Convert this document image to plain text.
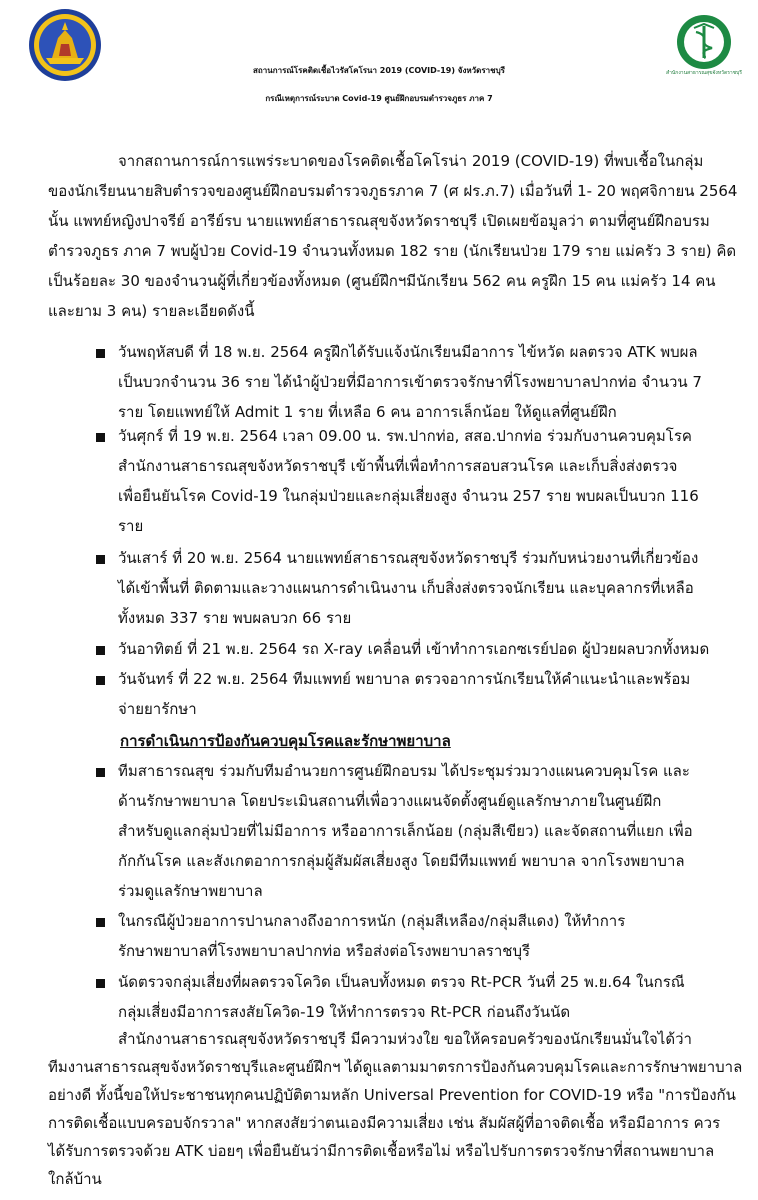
สำนักงานสาธารณสุขจังหวัดราชบุรี
สถานการณ์โรคติดเชื้อไวรัสโคโรนา 2019 (COVID-19) จังหวัดราชบุรี
กรณีเหตุการณ์ระบาด Covid-19 ศูนย์ฝึกอบรมตำรวจภูธร ภาค 7
จากสถานการณ์การแพร่ระบาดของโรคติดเชื้อโคโรน่า 2019 (COVID-19) ที่พบเชื้อในกลุ่ม
ของนักเรียนนายสิบตำรวจของศูนย์ฝึกอบรมตำรวจภูธรภาค 7 (ศ ฝร.ภ.7) เมื่อวันที่ 1- 20 พฤศจิกายน 2564
นั้น แพทย์หญิงปาจรีย์ อารีย์รบ นายแพทย์สาธารณสุขจังหวัดราชบุรี เปิดเผยข้อมูลว่า ตามที่ศูนย์ฝึกอบรม
ตำรวจภูธร ภาค 7 พบผู้ป่วย Covid-19 จำนวนทั้งหมด 182 ราย (นักเรียนป่วย 179 ราย แม่ครัว 3 ราย) คิด
เป็นร้อยละ 30 ของจำนวนผู้ที่เกี่ยวข้องทั้งหมด (ศูนย์ฝึกฯมีนักเรียน 562 คน ครูฝึก 15 คน แม่ครัว 14 คน
และยาม 3 คน) รายละเอียดดังนี้
วันพฤหัสบดี ที่ 18 พ.ย. 2564 ครูฝึกได้รับแจ้งนักเรียนมีอาการ ไข้หวัด ผลตรวจ ATK พบผล
เป็นบวกจำนวน 36 ราย ได้นำผู้ป่วยที่มีอาการเข้าตรวจรักษาที่โรงพยาบาลปากท่อ จำนวน 7
ราย โดยแพทย์ให้ Admit 1 ราย ที่เหลือ 6 คน อาการเล็กน้อย ให้ดูแลที่ศูนย์ฝึก
วันศุกร์ ที่ 19 พ.ย. 2564 เวลา 09.00 น. รพ.ปากท่อ, สสอ.ปากท่อ ร่วมกับงานควบคุมโรค
สำนักงานสาธารณสุขจังหวัดราชบุรี เข้าพื้นที่เพื่อทำการสอบสวนโรค และเก็บสิ่งส่งตรวจ
เพื่อยืนยันโรค Covid-19 ในกลุ่มป่วยและกลุ่มเสี่ยงสูง จำนวน 257 ราย พบผลเป็นบวก 116
ราย
วันเสาร์ ที่ 20 พ.ย. 2564 นายแพทย์สาธารณสุขจังหวัดราชบุรี ร่วมกับหน่วยงานที่เกี่ยวข้อง
ได้เข้าพื้นที่ ติดตามและวางแผนการดำเนินงาน เก็บสิ่งส่งตรวจนักเรียน และบุคลากรที่เหลือ
ทั้งหมด 337 ราย พบผลบวก 66 ราย
วันอาทิตย์ ที่ 21 พ.ย. 2564 รถ X-ray เคลื่อนที่ เข้าทำการเอกซเรย์ปอด ผู้ป่วยผลบวกทั้งหมด
วันจันทร์ ที่ 22 พ.ย. 2564 ทีมแพทย์ พยาบาล ตรวจอาการนักเรียนให้คำแนะนำและพร้อม
จ่ายยารักษา
การดำเนินการป้องกันควบคุมโรคและรักษาพยาบาล
ทีมสาธารณสุข ร่วมกับทีมอำนวยการศูนย์ฝึกอบรม ได้ประชุมร่วมวางแผนควบคุมโรค และ
ด้านรักษาพยาบาล โดยประเมินสถานที่เพื่อวางแผนจัดตั้งศูนย์ดูแลรักษาภายในศูนย์ฝึก
สำหรับดูแลกลุ่มป่วยที่ไม่มีอาการ หรืออาการเล็กน้อย (กลุ่มสีเขียว) และจัดสถานที่แยก เพื่อ
กักกันโรค และสังเกตอาการกลุ่มผู้สัมผัสเสี่ยงสูง โดยมีทีมแพทย์ พยาบาล จากโรงพยาบาล
ร่วมดูแลรักษาพยาบาล
ในกรณีผู้ป่วยอาการปานกลางถึงอาการหนัก (กลุ่มสีเหลือง/กลุ่มสีแดง) ให้ทำการ
รักษาพยาบาลที่โรงพยาบาลปากท่อ หรือส่งต่อโรงพยาบาลราชบุรี
นัดตรวจกลุ่มเสี่ยงที่ผลตรวจโควิด เป็นลบทั้งหมด ตรวจ Rt-PCR วันที่ 25 พ.ย.64 ในกรณี
กลุ่มเสี่ยงมีอาการสงสัยโควิด-19 ให้ทำการตรวจ Rt-PCR ก่อนถึงวันนัด
สำนักงานสาธารณสุขจังหวัดราชบุรี มีความห่วงใย ขอให้ครอบครัวของนักเรียนมั่นใจได้ว่า
ทีมงานสาธารณสุขจังหวัดราชบุรีและศูนย์ฝึกฯ ได้ดูแลตามมาตรการป้องกันควบคุมโรคและการรักษาพยาบาล
อย่างดี ทั้งนี้ขอให้ประชาชนทุกคนปฏิบัติตามหลัก Universal Prevention for COVID-19 หรือ "การป้องกัน
การติดเชื้อแบบครอบจักรวาล" หากสงสัยว่าตนเองมีความเสี่ยง เช่น สัมผัสผู้ที่อาจติดเชื้อ หรือมีอาการ ควร
ได้รับการตรวจด้วย ATK บ่อยๆ เพื่อยืนยันว่ามีการติดเชื้อหรือไม่ หรือไปรับการตรวจรักษาที่สถานพยาบาล
ใกล้บ้าน
